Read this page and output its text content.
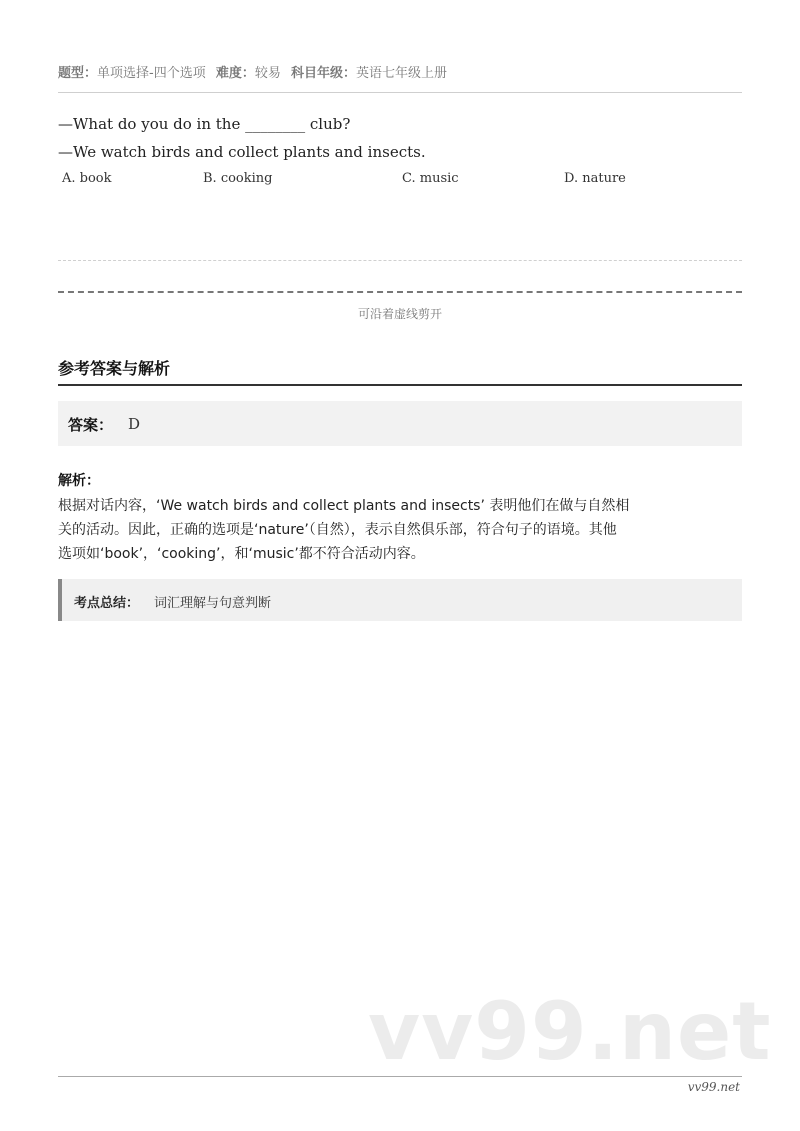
题型：单项选择-四个选项 难度：较易 科目年级：英语七年级上册
—What do you do in the ________ club?
—We watch birds and collect plants and insects.
A. book	B. cooking	C. music	D. nature
可沿着虚线剪开
参考答案与解析
答案： D
解析：
根据对话内容，‘We watch birds and collect plants and insects’ 表明他们在做与自然相
关的活动。因此，正确的选项是‘nature’（自然），表示自然俱乐部，符合句子的语境。其他
选项如‘book’，‘cooking’，和‘music’都不符合活动内容。
考点总结： 词汇理解与句意判断
vv99.net
vv99.net
